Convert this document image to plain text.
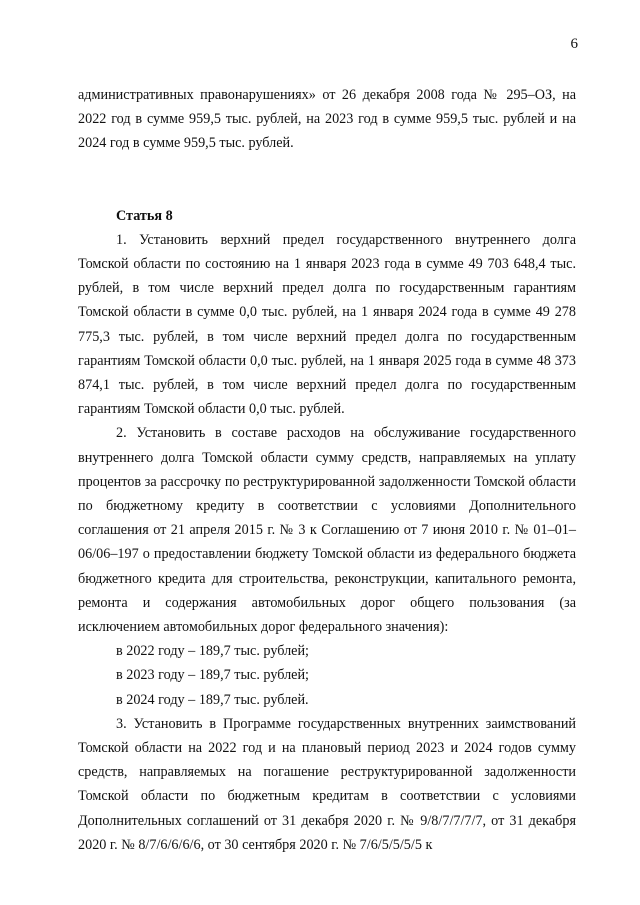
6

административных правонарушениях» от 26 декабря 2008 года № 295–ОЗ, на 2022 год в сумме 959,5 тыс. рублей, на 2023 год в сумме 959,5 тыс. рублей и на 2024 год в сумме 959,5 тыс. рублей.

Статья 8

1. Установить верхний предел государственного внутреннего долга Томской области по состоянию на 1 января 2023 года в сумме 49 703 648,4 тыс. рублей, в том числе верхний предел долга по государственным гарантиям Томской области в сумме 0,0 тыс. рублей, на 1 января 2024 года в сумме 49 278 775,3 тыс. рублей, в том числе верхний предел долга по государственным гарантиям Томской области 0,0 тыс. рублей, на 1 января 2025 года в сумме 48 373 874,1 тыс. рублей, в том числе верхний предел долга по государственным гарантиям Томской области 0,0 тыс. рублей.

2. Установить в составе расходов на обслуживание государственного внутреннего долга Томской области сумму средств, направляемых на уплату процентов за рассрочку по реструктурированной задолженности Томской области по бюджетному кредиту в соответствии с условиями Дополнительного соглашения от 21 апреля 2015 г. № 3 к Соглашению от 7 июня 2010 г. № 01–01–06/06–197 о предоставлении бюджету Томской области из федерального бюджета бюджетного кредита для строительства, реконструкции, капитального ремонта, ремонта и содержания автомобильных дорог общего пользования (за исключением автомобильных дорог федерального значения):

в 2022 году – 189,7 тыс. рублей;

в 2023 году – 189,7 тыс. рублей;

в 2024 году – 189,7 тыс. рублей.

3. Установить в Программе государственных внутренних заимствований Томской области на 2022 год и на плановый период 2023 и 2024 годов сумму средств, направляемых на погашение реструктурированной задолженности Томской области по бюджетным кредитам в соответствии с условиями Дополнительных соглашений от 31 декабря 2020 г. № 9/8/7/7/7/7, от 31 декабря 2020 г. № 8/7/6/6/6/6, от 30 сентября 2020 г. № 7/6/5/5/5/5 к
